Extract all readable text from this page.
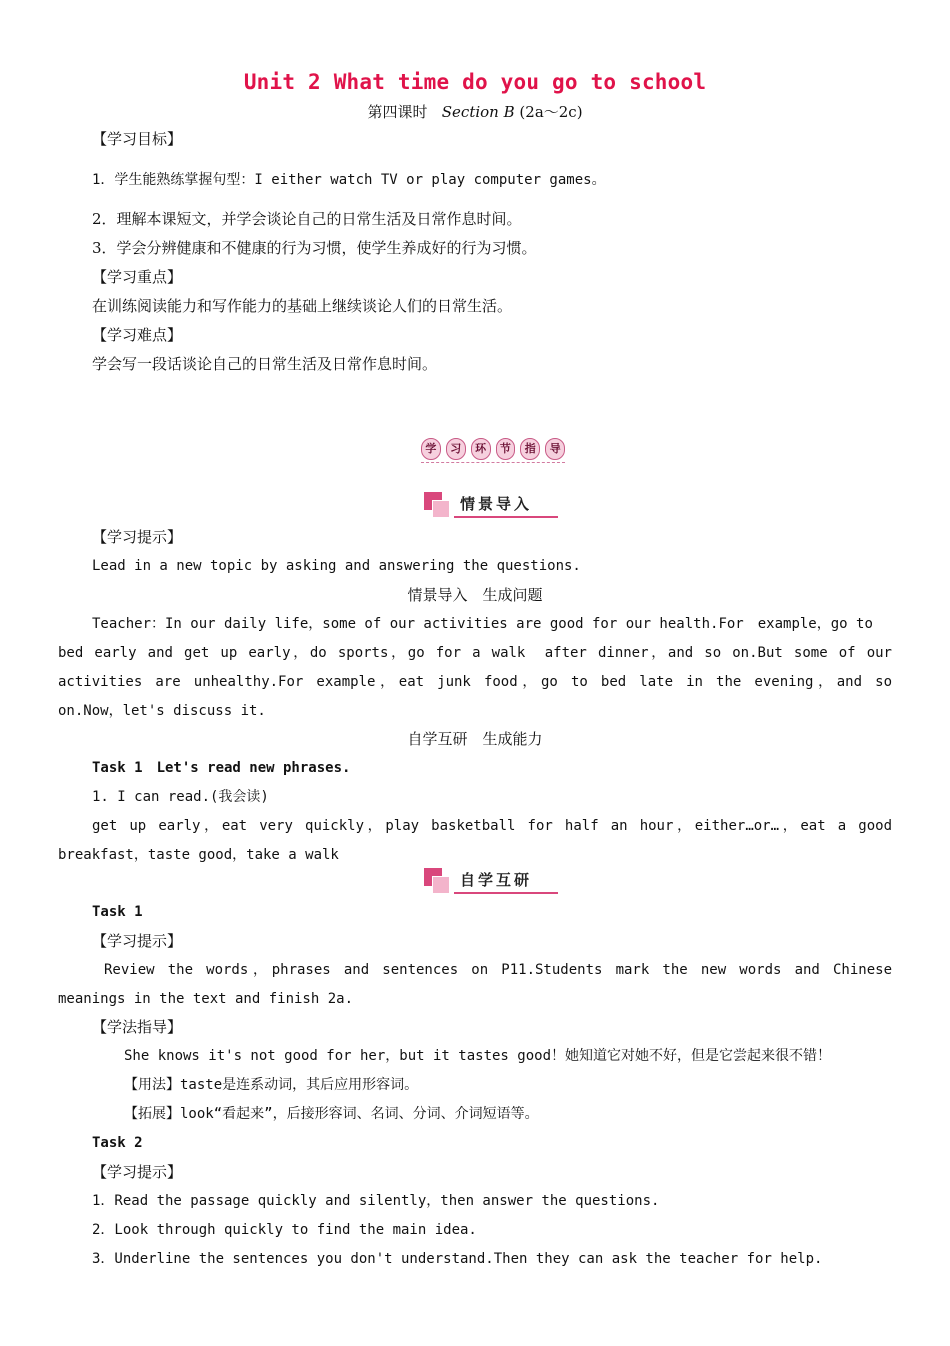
Unit 2 What time do you go to school
第四课时 Section B (2a～2c)
【学习目标】
1．学生能熟练掌握句型：I either watch TV or play computer games。
2．理解本课短文，并学会谈论自己的日常生活及日常作息时间。
3．学会分辨健康和不健康的行为习惯，使学生养成好的行为习惯。
【学习重点】
在训练阅读能力和写作能力的基础上继续谈论人们的日常生活。
【学习难点】
学会写一段话谈论自己的日常生活及日常作息时间。
学	习	环	节	指	导
情景导入
【学习提示】
Lead in a new topic by asking and answering the questions.
情景导入　生成问题
Teacher：In our daily life，some of our activities are good for our health.For　example，go to
bed early and get up early，do sports，go for a walk　after dinner，and so on.But some of our
activities are unhealthy.For example，eat junk food，go to bed late in the evening，and so
on.Now，let's discuss it.
自学互研　生成能力
Task 1　Let's read new phrases.
1. I can read.(我会读)
get up early，eat very quickly，play basketball for half an hour，either…or…，eat a good
breakfast，taste good，take a walk
自学互研
Task 1
【学习提示】
Review the words，phrases and sentences on P11.Students mark the new words and Chinese
meanings in the text and finish 2a.
【学法指导】
She knows it's not good for her，but it tastes good！她知道它对她不好，但是它尝起来很不错！
【用法】taste是连系动词，其后应用形容词。
【拓展】look“看起来”，后接形容词、名词、分词、介词短语等。
Task 2
【学习提示】
1．Read the passage quickly and silently，then answer the questions.
2．Look through quickly to find the main idea.
3．Underline the sentences you don't understand.Then they can ask the teacher for help.
